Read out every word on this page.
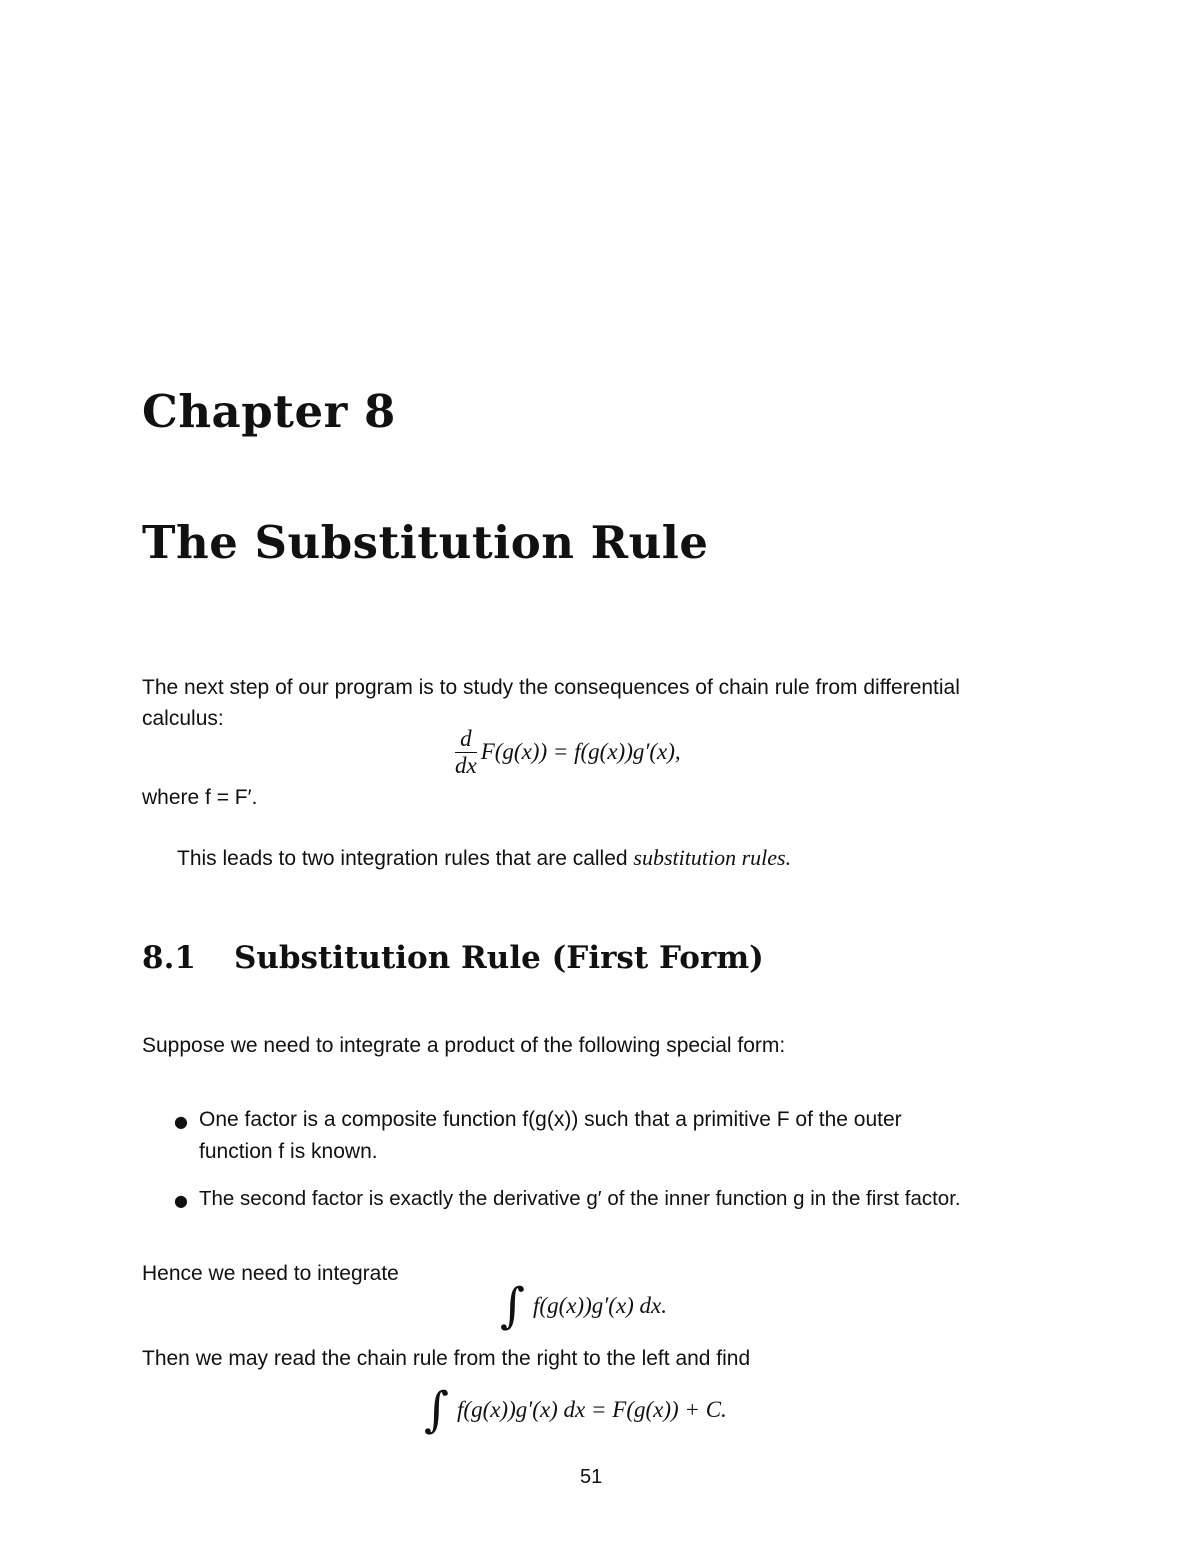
Chapter 8
The Substitution Rule
The next step of our program is to study the consequences of chain rule from differential
calculus:
$\frac{d}{dx} F(g(x)) = f(g(x))g'(x)$,
where f = F′.
This leads to two integration rules that are called substitution rules.
8.1 Substitution Rule (First Form)
Suppose we need to integrate a product of the following special form:
● One factor is a composite function f(g(x)) such that a primitive F of the outer
function f is known.
● The second factor is exactly the derivative g′ of the inner function g in the first factor.
Hence we need to integrate
∫ f(g(x))g′(x) dx.
Then we may read the chain rule from the right to the left and find
∫ f(g(x))g′(x) dx = F(g(x)) + C.
51
